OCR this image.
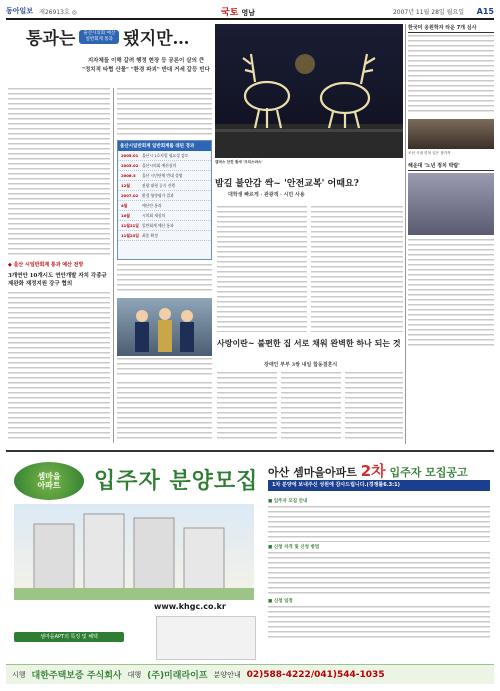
동아일보 제26913호 ◎	국토 영남	2007년 11월 28일 월요일 A15
통과는	울산시의회 예산
일반회계 통과 됐지만…
지자체들 이해 갈려 행정 현장 등 공론이 살의 큰
"정치적 타협 산물" "환경 파괴" 반대 거세 갈등 빈다
울산시일반회계 일반회계를 래된 경과
2005.01 울산시 1호사업 필요성 검토
2005.02 울산시의회 예산심의
2006.3	울산 시민단체 반대 성명
12월	관광 대형 공식 진행
2007.02 환경 영향평가 결과
4월	예산안 통과
10월	시의회 재심의
11월21일 일반회계 예산 통과
11월23일 최종 확정
◆ 울산 시일반회계 통과 예산 전망
3개연안 10개시도 연안개발 자치 각종규제완화 재정지원 강구 협의
캠퍼스 안전 빛에 '크리스마스'
밤길 불안감 싹~ '안전교복' 어때요?
대학생 빠르게 · 관광객 · 시민 사용
사랑이란~ 불편한 집 서로 채워 완벽한 하나 되는 것
장애인 부부 3쌍 내일 합동결혼식
한국미 응원학자 타운 7개 심사
조선 시대 한복 입은 참가자
해운대 '노년 정치 박람'
셈마을
아파트 입주자 분양모집 아산 셈마을아파트 2차 입주자 모집공고
1차 분양에 보내주신 성원에 감사드립니다.(경쟁률6.3:1)
www.khgc.co.kr
셈마을APT의 특징 및 혜택
■ 입주자 모집 안내
■ 신청 자격 및 신청 방법
■ 신청 일정
시행 대한주택보증 주식회사 대행 (주)미래라이프 분양안내 02)588-4222/041)544-1035
